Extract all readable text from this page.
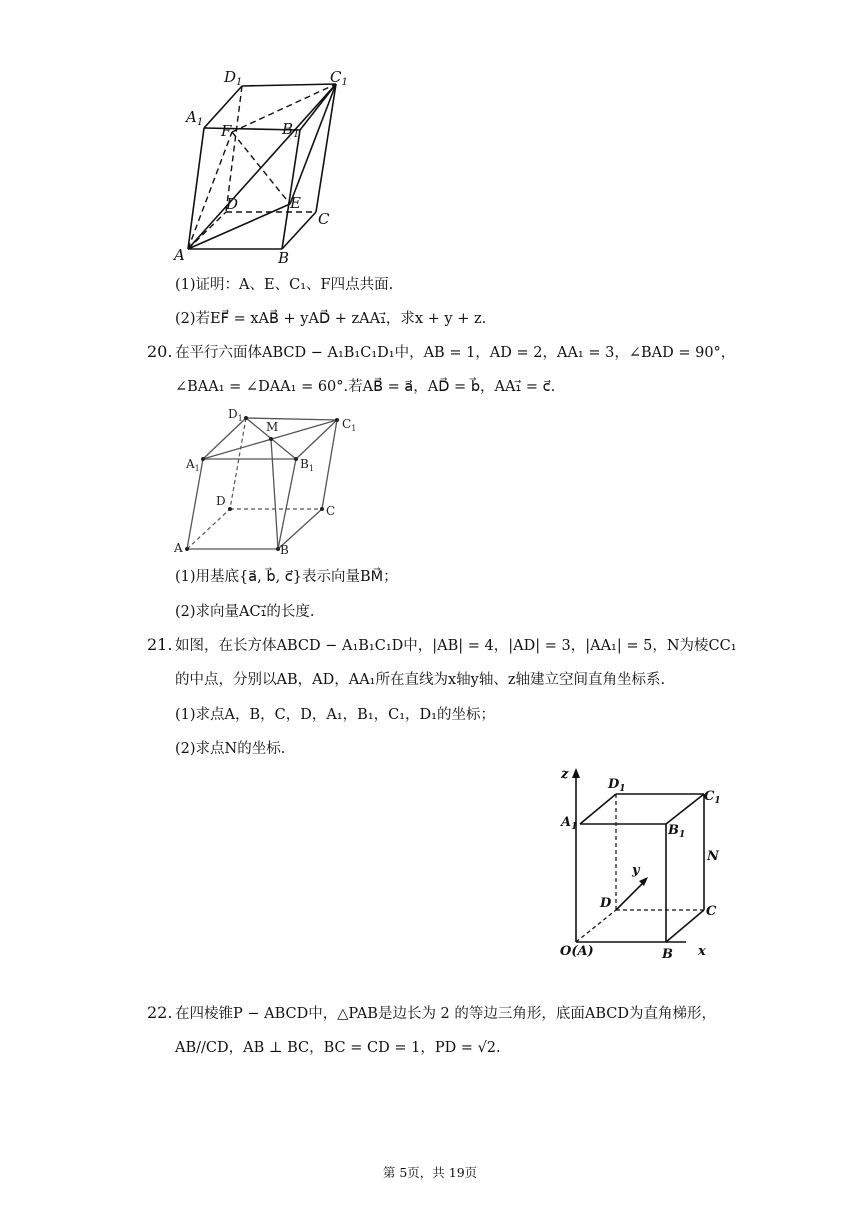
$D_1$	$C_1$
$A_1$ F	$B_1$
D	E
C
A	B
(1)证明：A、E、C₁、F四点共面.
(2)若EF⃗ = xAB⃗ + yAD⃗ + zAA₁⃗，求x + y + z.
20. 在平行六面体ABCD − A₁B₁C₁D₁中，AB = 1，AD = 2，AA₁ = 3，∠BAD = 90°，
∠BAA₁ = ∠DAA₁ = 60°.若AB⃗ = a⃗，AD⃗ = b⃗，AA₁⃗ = c⃗.
$D_1$
M	$C_1$
$A_1$	$B_1$
D
C
A	B
(1)用基底{a⃗, b⃗, c⃗}表示向量BM⃗；
(2)求向量AC₁⃗的长度.
21. 如图，在长方体ABCD − A₁B₁C₁D中，|AB| = 4，|AD| = 3，|AA₁| = 5，N为棱CC₁
的中点，分别以AB，AD，AA₁所在直线为x轴y轴、z轴建立空间直角坐标系.
(1)求点A，B，C，D，A₁，B₁，C₁，D₁的坐标；
(2)求点N的坐标.
z
$D_1$	$C_1$
$A_1$	$B_1$
N
y
D
C
O(A)	B x
22. 在四棱锥P − ABCD中，△PAB是边长为 2 的等边三角形，底面ABCD为直角梯形，
AB//CD，AB ⊥ BC，BC = CD = 1，PD = √2.
第 5页，共 19页
